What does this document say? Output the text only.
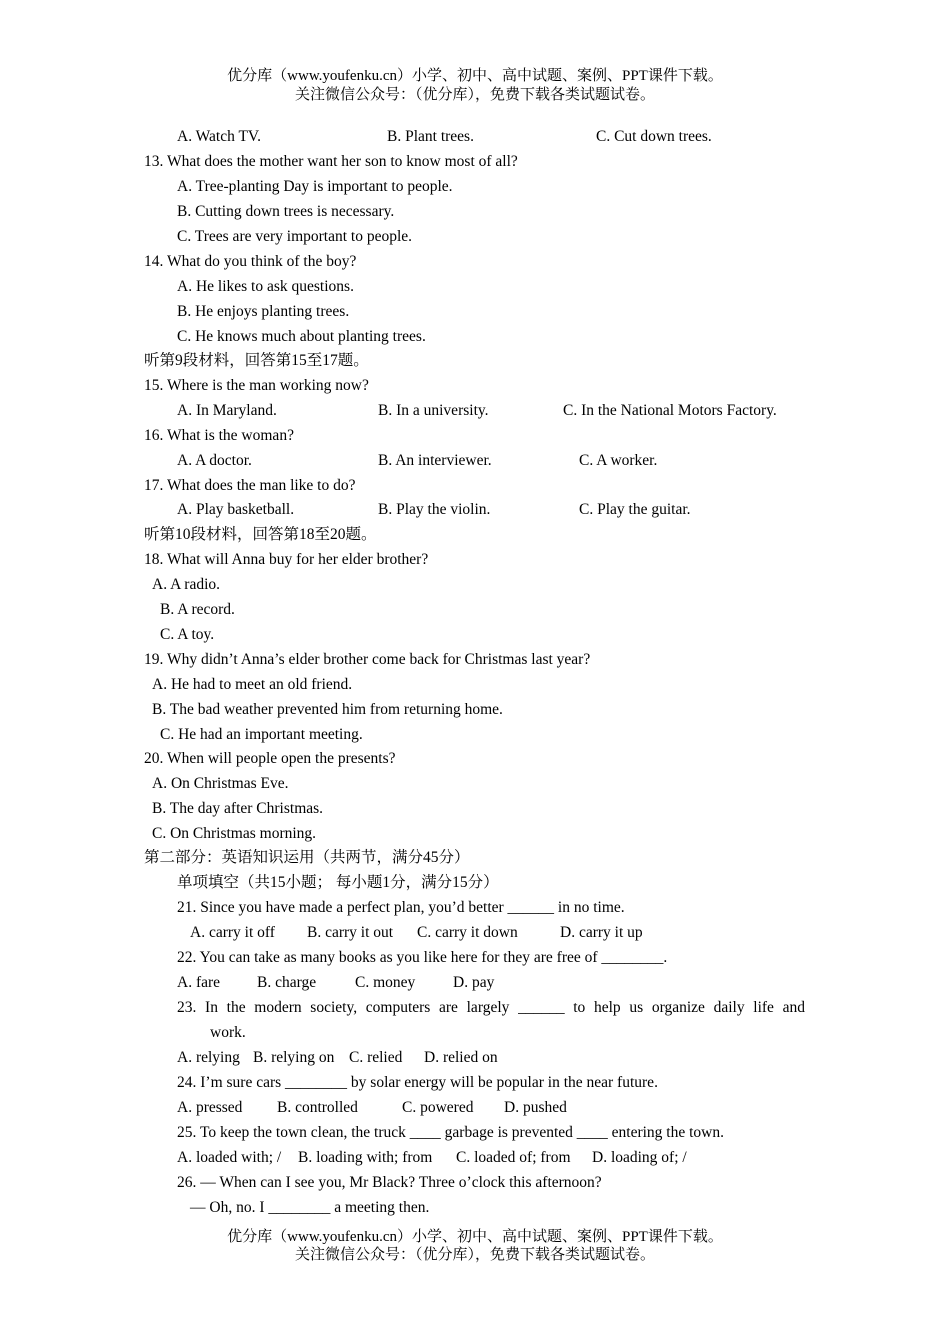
优分库（www.youfenku.cn）小学、初中、高中试题、案例、PPT课件下载。
关注微信公众号：（优分库），免费下载各类试题试卷。
A. Watch TV.	B. Plant trees.	C. Cut down trees.
13. What does the mother want her son to know most of all?
A. Tree-planting Day is important to people.
B. Cutting down trees is necessary.
C. Trees are very important to people.
14. What do you think of the boy?
A. He likes to ask questions.
B. He enjoys planting trees.
C. He knows much about planting trees.
听第9段材料，回答第15至17题。
15. Where is the man working now?
A. In Maryland.	B. In a university.	C. In the National Motors Factory.
16. What is the woman?
A. A doctor.	B. An interviewer.	C. A worker.
17. What does the man like to do?
A. Play basketball.	B. Play the violin.	C. Play the guitar.
听第10段材料，回答第18至20题。
18. What will Anna buy for her elder brother?
A. A radio.
B. A record.
C. A toy.
19. Why didn’t Anna’s elder brother come back for Christmas last year?
A. He had to meet an old friend.
B. The bad weather prevented him from returning home.
C. He had an important meeting.
20. When will people open the presents?
A. On Christmas Eve.
B. The day after Christmas.
C. On Christmas morning.
第二部分：英语知识运用（共两节，满分45分）
单项填空（共15小题； 每小题1分，满分15分）
21. Since you have made a perfect plan, you’d better ______ in no time.
A. carry it off B. carry it out C. carry it down	D. carry it up
22. You can take as many books as you like here for they are free of ________.
A. fare B. charge	C. money D. pay
23. In the modern society, computers are largely ______ to help us organize daily life and
work.
A. relying B. relying on C. relied D. relied on
24. I’m sure cars ________ by solar energy will be popular in the near future.
A. pressed B. controlled	C. powered D. pushed
25. To keep the town clean, the truck ____ garbage is prevented ____ entering the town.
A. loaded with; / B. loading with; from C. loaded of; from D. loading of; /
26. — When can I see you, Mr Black? Three o’clock this afternoon?
— Oh, no. I ________ a meeting then.
优分库（www.youfenku.cn）小学、初中、高中试题、案例、PPT课件下载。
关注微信公众号：（优分库），免费下载各类试题试卷。
